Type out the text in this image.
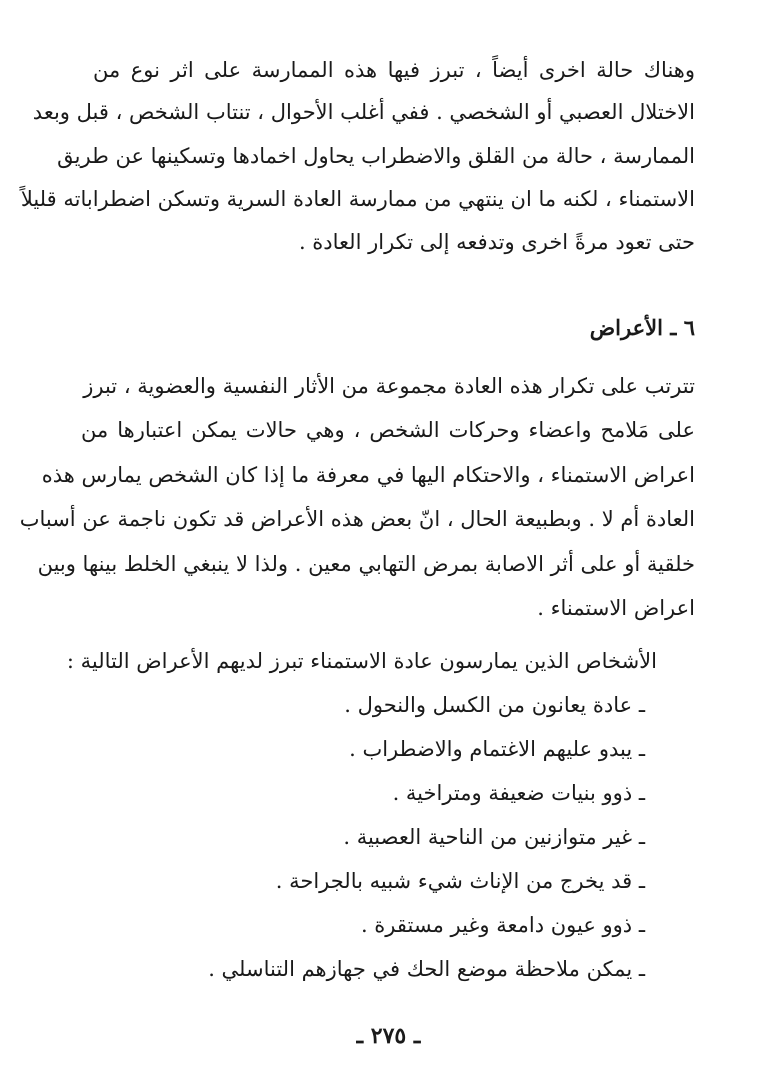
وهناك حالة اخرى أيضاً ، تبرز فيها هذه الممارسة على اثر نوع من
الاختلال العصبي أو الشخصي . ففي أغلب الأحوال ، تنتاب الشخص ، قبل وبعد
الممارسة ، حالة من القلق والاضطراب يحاول اخمادها وتسكينها عن طريق
الاستمناء ، لكنه ما ان ينتهي من ممارسة العادة السرية وتسكن اضطراباته قليلاً
حتى تعود مرةً اخرى وتدفعه إلى تكرار العادة .
٦ ـ الأعراض
تترتب على تكرار هذه العادة مجموعة من الأثار النفسية والعضوية ، تبرز
على مَلامح واعضاء وحركات الشخص ، وهي حالات يمكن اعتبارها من
اعراض الاستمناء ، والاحتكام اليها في معرفة ما إذا كان الشخص يمارس هذه
العادة أم لا . وبطبيعة الحال ، انّ بعض هذه الأعراض قد تكون ناجمة عن أسباب
خلقية أو على أثر الاصابة بمرض التهابي معين . ولذا لا ينبغي الخلط بينها وبين
اعراض الاستمناء .
الأشخاص الذين يمارسون عادة الاستمناء تبرز لديهم الأعراض التالية :
ـ عادة يعانون من الكسل والنحول .
ـ يبدو عليهم الاغتمام والاضطراب .
ـ ذوو بنيات ضعيفة ومتراخية .
ـ غير متوازنين من الناحية العصبية .
ـ قد يخرج من الإناث شيء شبيه بالجراحة .
ـ ذوو عيون دامعة وغير مستقرة .
ـ يمكن ملاحظة موضع الحك في جهازهم التناسلي .
ـ ٢٧٥ ـ
